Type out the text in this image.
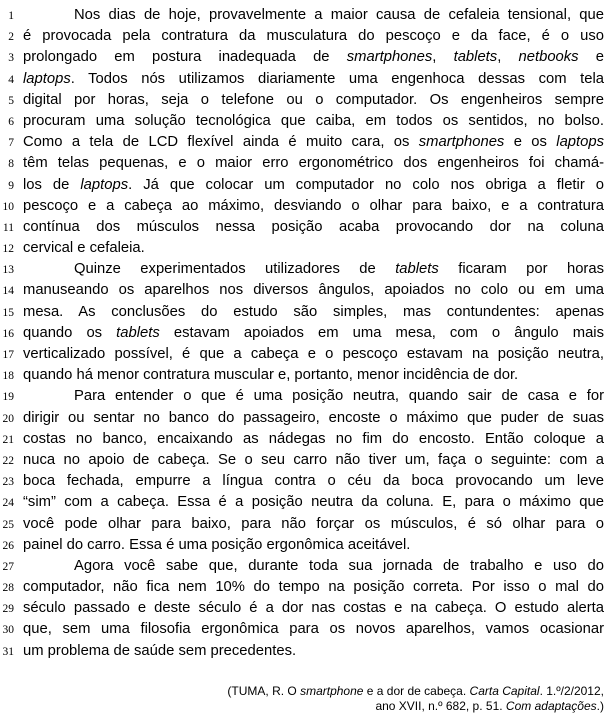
1	Nos dias de hoje, provavelmente a maior causa de cefaleia tensional, que
2 é provocada pela contratura da musculatura do pescoço e da face, é o uso
3 prolongado em postura inadequada de smartphones, tablets, netbooks e
4 laptops. Todos nós utilizamos diariamente uma engenhoca dessas com tela
5 digital por horas, seja o telefone ou o computador. Os engenheiros sempre
6 procuram uma solução tecnológica que caiba, em todos os sentidos, no bolso.
7 Como a tela de LCD flexível ainda é muito cara, os smartphones e os laptops
8 têm telas pequenas, e o maior erro ergonométrico dos engenheiros foi chamá-
9 los de laptops. Já que colocar um computador no colo nos obriga a fletir o
10 pescoço e a cabeça ao máximo, desviando o olhar para baixo, e a contratura
11 contínua dos músculos nessa posição acaba provocando dor na coluna
12 cervical e cefaleia.
13	Quinze experimentados utilizadores de tablets ficaram por horas
14 manuseando os aparelhos nos diversos ângulos, apoiados no colo ou em uma
15 mesa. As conclusões do estudo são simples, mas contundentes: apenas
16 quando os tablets estavam apoiados em uma mesa, com o ângulo mais
17 verticalizado possível, é que a cabeça e o pescoço estavam na posição neutra,
18 quando há menor contratura muscular e, portanto, menor incidência de dor.
19	Para entender o que é uma posição neutra, quando sair de casa e for
20 dirigir ou sentar no banco do passageiro, encoste o máximo que puder de suas
21 costas no banco, encaixando as nádegas no fim do encosto. Então coloque a
22 nuca no apoio de cabeça. Se o seu carro não tiver um, faça o seguinte: com a
23 boca fechada, empurre a língua contra o céu da boca provocando um leve
24 “sim” com a cabeça. Essa é a posição neutra da coluna. E, para o máximo que
25 você pode olhar para baixo, para não forçar os músculos, é só olhar para o
26 painel do carro. Essa é uma posição ergonômica aceitável.
27	Agora você sabe que, durante toda sua jornada de trabalho e uso do
28 computador, não fica nem 10% do tempo na posição correta. Por isso o mal do
29 século passado e deste século é a dor nas costas e na cabeça. O estudo alerta
30 que, sem uma filosofia ergonômica para os novos aparelhos, vamos ocasionar
31 um problema de saúde sem precedentes.
(TUMA, R. O smartphone e a dor de cabeça. Carta Capital. 1.º/2/2012,
ano XVII, n.º 682, p. 51. Com adaptações.)
